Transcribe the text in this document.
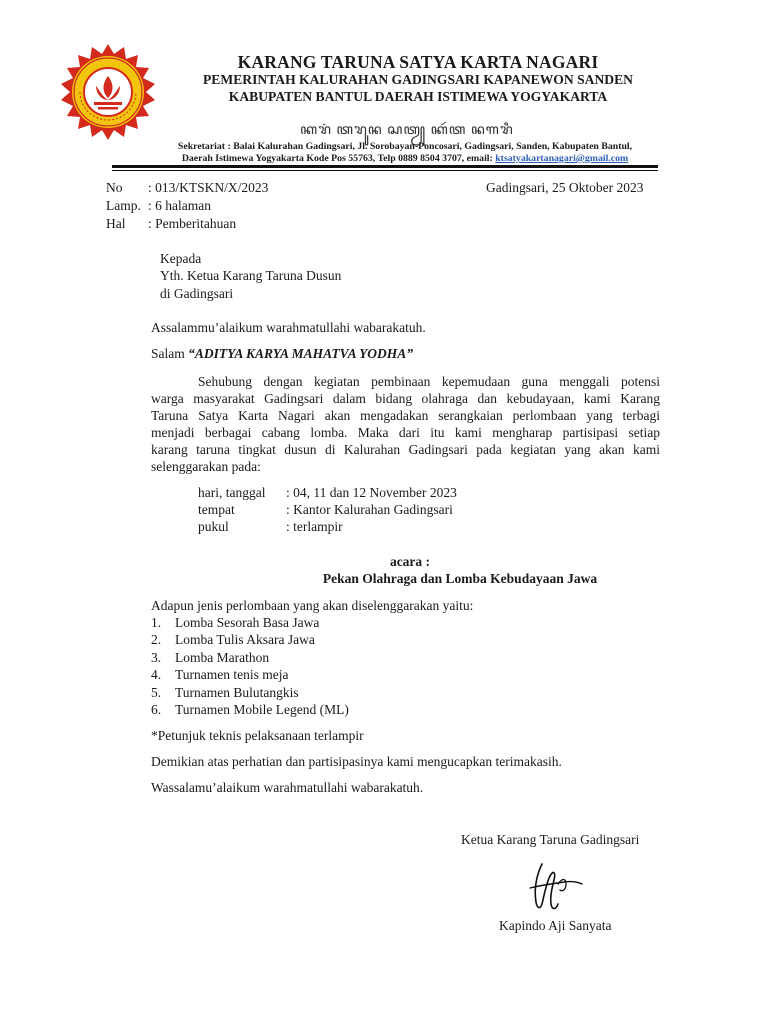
KARANG TARUNA SATYA KARTA NAGARI
PEMERINTAH KALURAHAN GADINGSARI KAPANEWON SANDEN
KABUPATEN BANTUL DAERAH ISTIMEWA YOGYAKARTA
ꦏꦫꦁ ꦠꦫꦸꦤ ꦱꦠꦾ ꦏꦂꦠ ꦤꦒꦫꦶ
Sekretariat : Balai Kalurahan Gadingsari, Jl. Sorobayan-Poncosari, Gadingsari, Sanden, Kabupaten Bantul,
Daerah Istimewa Yogyakarta Kode Pos 55763, Telp 0889 8504 3707, email: ktsatyakartanagari@gmail.com
No : 013/KTSKN/X/2023	Gadingsari, 25 Oktober 2023
Lamp. : 6 halaman
Hal : Pemberitahuan
Kepada
Yth. Ketua Karang Taruna Dusun
di Gadingsari
Assalammu’alaikum warahmatullahi wabarakatuh.
Salam “ADITYA KARYA MAHATVA YODHA”
Sehubung dengan kegiatan pembinaan kepemudaan guna menggali potensi
warga masyarakat Gadingsari dalam bidang olahraga dan kebudayaan, kami Karang
Taruna Satya Karta Nagari akan mengadakan serangkaian perlombaan yang terbagi
menjadi berbagai cabang lomba. Maka dari itu kami mengharap partisipasi setiap
karang taruna tingkat dusun di Kalurahan Gadingsari pada kegiatan yang akan kami
selenggarakan pada:
hari, tanggal : 04, 11 dan 12 November 2023
tempat	: Kantor Kalurahan Gadingsari
pukul	: terlampir
acara :
Pekan Olahraga dan Lomba Kebudayaan Jawa
Adapun jenis perlombaan yang akan diselenggarakan yaitu:
1. Lomba Sesorah Basa Jawa
2. Lomba Tulis Aksara Jawa
3. Lomba Marathon
4. Turnamen tenis meja
5. Turnamen Bulutangkis
6. Turnamen Mobile Legend (ML)
*Petunjuk teknis pelaksanaan terlampir
Demikian atas perhatian dan partisipasinya kami mengucapkan terimakasih.
Wassalamu’alaikum warahmatullahi wabarakatuh.
Ketua Karang Taruna Gadingsari
Kapindo Aji Sanyata
